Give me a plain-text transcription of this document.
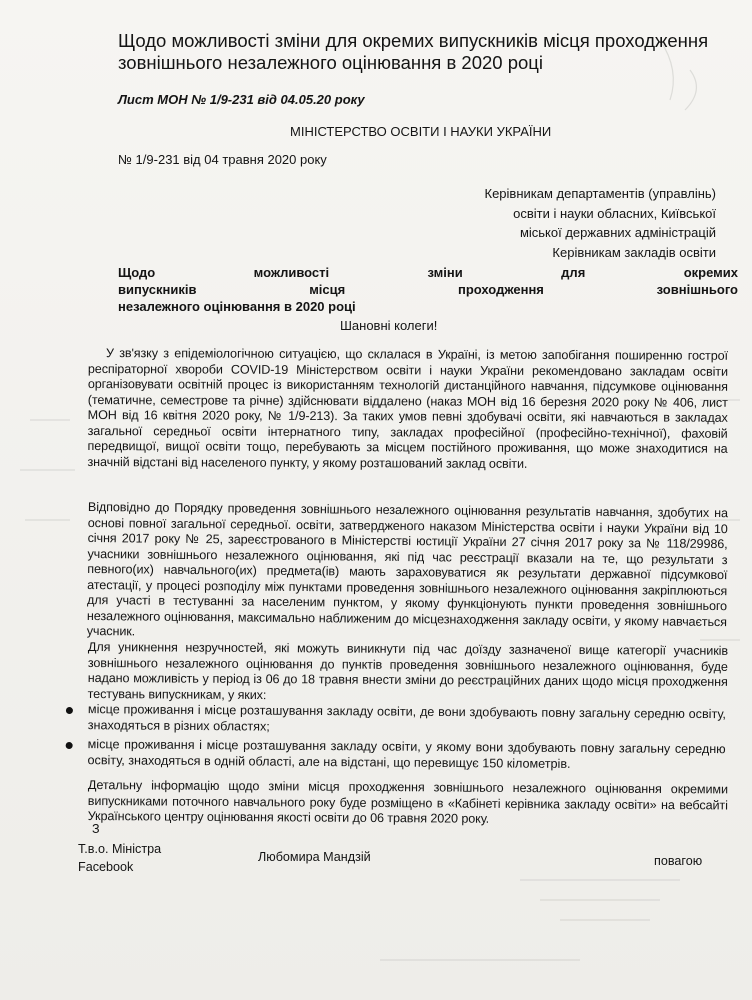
Щодо можливості зміни для окремих випускників місця проходження
зовнішнього незалежного оцінювання в 2020 році
Лист МОН № 1/9-231 від 04.05.20 року
МІНІСТЕРСТВО ОСВІТИ І НАУКИ УКРАЇНИ
№ 1/9-231 від 04 травня 2020 року
Керівникам департаментів (управлінь)
освіти і науки обласних, Київської
міської державних адміністрацій
Керівникам закладів освіти
Щодо можливості зміни для окремих
випускників місця проходження зовнішнього
незалежного оцінювання в 2020 році
Шановні колеги!
У зв'язку з епідеміологічною ситуацією, що склалася в Україні, із метою запобігання поширенню гострої респіраторної хвороби COVID-19 Міністерством освіти і науки України рекомендовано закладам освіти організовувати освітній процес із використанням технологій дистанційного навчання, підсумкове оцінювання (тематичне, семестрове та річне) здійснювати віддалено (наказ МОН від 16 березня 2020 року № 406, лист МОН від 16 квітня 2020 року, № 1/9-213). За таких умов певні здобувачі освіти, які навчаються в закладах загальної середньої освіти інтернатного типу, закладах професійної (професійно-технічної), фаховій передвищої, вищої освіти тощо, перебувають за місцем постійного проживання, що може знаходитися на значній відстані від населеного пункту, у якому розташований заклад освіти.
Відповідно до Порядку проведення зовнішнього незалежного оцінювання результатів навчання, здобутих на основі повної загальної середньої. освіти, затвердженого наказом Міністерства освіти і науки України від 10 січня 2017 року № 25, зареєстрованого в Міністерстві юстиції України 27 січня 2017 року за № 118/29986, учасники зовнішнього незалежного оцінювання, які під час реєстрації вказали на те, що результати з певного(их) навчального(их) предмета(ів) мають зараховуватися як результати державної підсумкової атестації, у процесі розподілу між пунктами проведення зовнішнього незалежного оцінювання закріплюються для участі в тестуванні за населеним пунктом, у якому функціонують пункти проведення зовнішнього незалежного оцінювання, максимально наближеним до місцезнаходження закладу освіти, у якому навчається учасник.
Для уникнення незручностей, які можуть виникнути під час доїзду зазначеної вище категорії учасників зовнішнього незалежного оцінювання до пунктів проведення зовнішнього незалежного оцінювання, буде надано можливість у період із 06 до 18 травня внести зміни до реєстраційних даних щодо місця проходження тестувань випускникам, у яких:
місце проживання і місце розташування закладу освіти, де вони здобувають повну загальну середню освіту, знаходяться в різних областях;
місце проживання і місце розташування закладу освіти, у якому вони здобувають повну загальну середню освіту, знаходяться в одній області, але на відстані, що перевищує 150 кілометрів.
Детальну інформацію щодо зміни місця проходження зовнішнього незалежного оцінювання окремими випускниками поточного навчального року буде розміщено в «Кабінеті керівника закладу освіти» на вебсайті Українського центру оцінювання якості освіти до 06 травня 2020 року.
З
Т.в.о. Міністра
Facebook
Любомира Мандзій	повагою
